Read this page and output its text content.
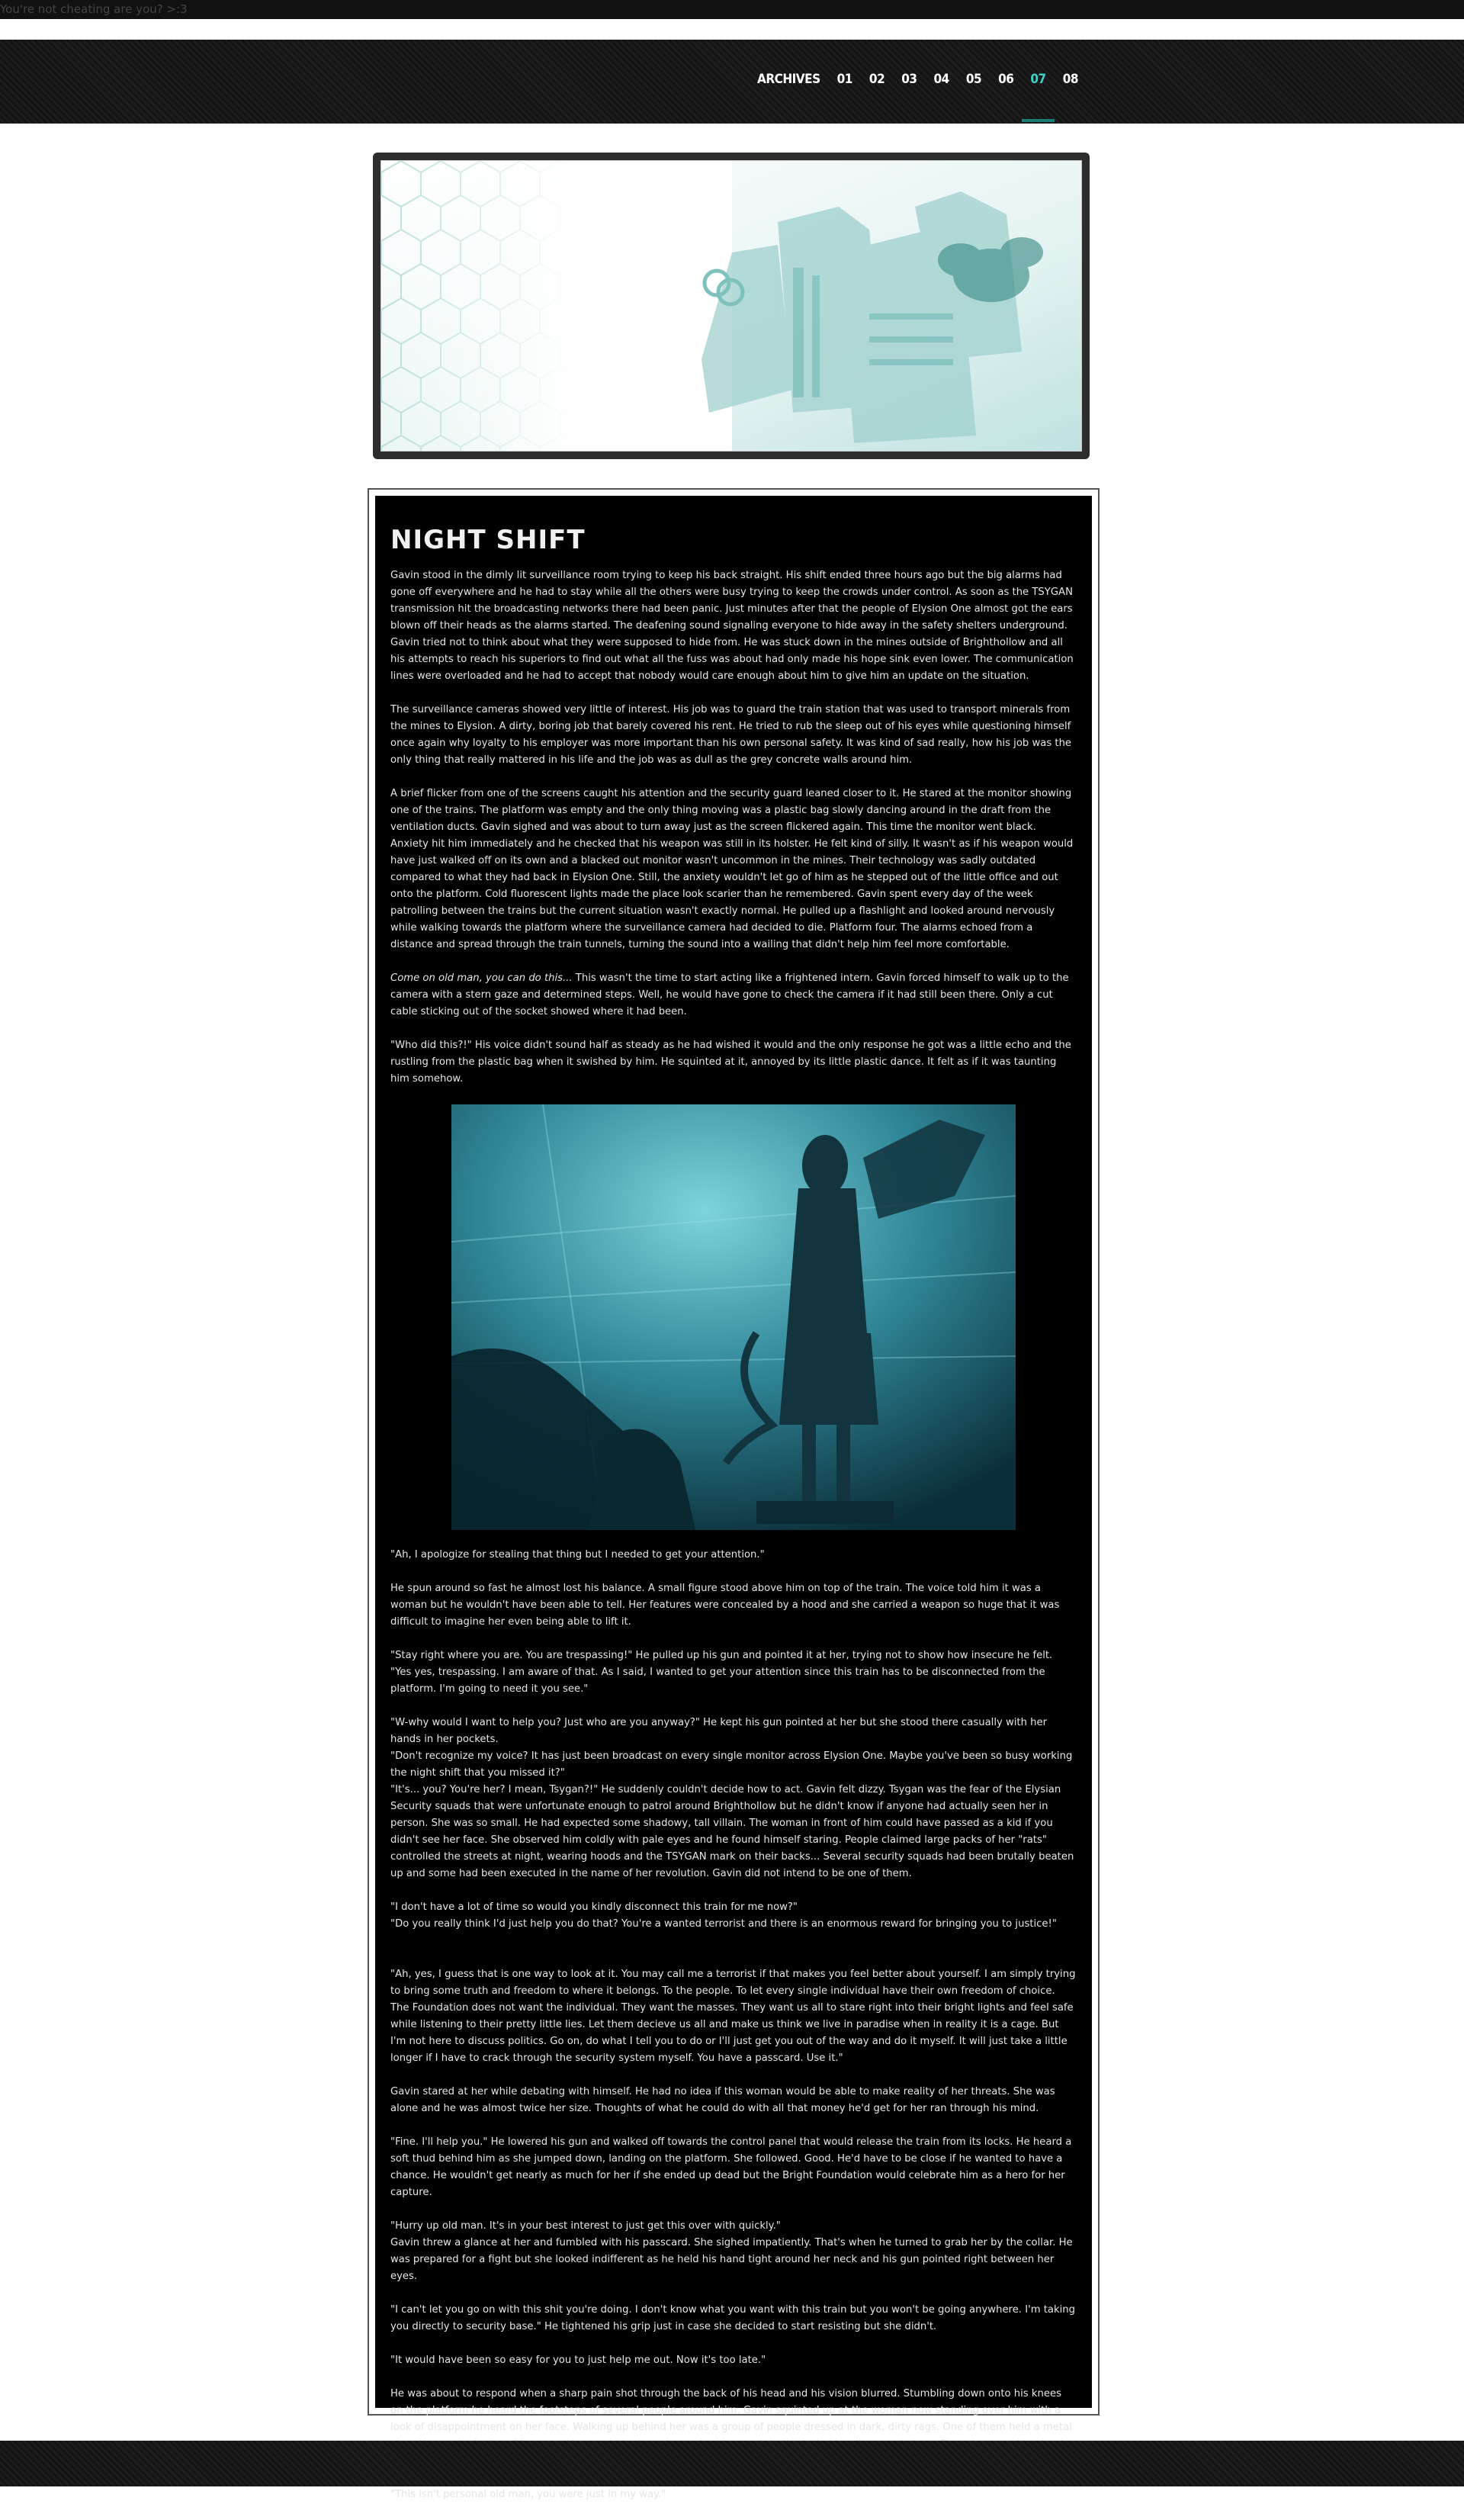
You're not cheating are you? >:3
ARCHIVES	01	02	03	04	05	06	07	08
NIGHT SHIFT

Gavin stood in the dimly lit surveillance room trying to keep his back straight. His shift ended three hours ago but the big alarms had gone off everywhere and he had to stay while all the others were busy trying to keep the crowds under control. As soon as the TSYGAN transmission hit the broadcasting networks there had been panic. Just minutes after that the people of Elysion One almost got the ears blown off their heads as the alarms started. The deafening sound signaling everyone to hide away in the safety shelters underground. Gavin tried not to think about what they were supposed to hide from. He was stuck down in the mines outside of Brighthollow and all his attempts to reach his superiors to find out what all the fuss was about had only made his hope sink even lower. The communication lines were overloaded and he had to accept that nobody would care enough about him to give him an update on the situation.

The surveillance cameras showed very little of interest. His job was to guard the train station that was used to transport minerals from the mines to Elysion. A dirty, boring job that barely covered his rent. He tried to rub the sleep out of his eyes while questioning himself once again why loyalty to his employer was more important than his own personal safety. It was kind of sad really, how his job was the only thing that really mattered in his life and the job was as dull as the grey concrete walls around him.

A brief flicker from one of the screens caught his attention and the security guard leaned closer to it. He stared at the monitor showing one of the trains. The platform was empty and the only thing moving was a plastic bag slowly dancing around in the draft from the ventilation ducts. Gavin sighed and was about to turn away just as the screen flickered again. This time the monitor went black. Anxiety hit him immediately and he checked that his weapon was still in its holster. He felt kind of silly. It wasn't as if his weapon would have just walked off on its own and a blacked out monitor wasn't uncommon in the mines. Their technology was sadly outdated compared to what they had back in Elysion One. Still, the anxiety wouldn't let go of him as he stepped out of the little office and out onto the platform. Cold fluorescent lights made the place look scarier than he remembered. Gavin spent every day of the week patrolling between the trains but the current situation wasn't exactly normal. He pulled up a flashlight and looked around nervously while walking towards the platform where the surveillance camera had decided to die. Platform four. The alarms echoed from a distance and spread through the train tunnels, turning the sound into a wailing that didn't help him feel more comfortable.

Come on old man, you can do this... This wasn't the time to start acting like a frightened intern. Gavin forced himself to walk up to the camera with a stern gaze and determined steps. Well, he would have gone to check the camera if it had still been there. Only a cut cable sticking out of the socket showed where it had been.

"Who did this?!" His voice didn't sound half as steady as he had wished it would and the only response he got was a little echo and the rustling from the plastic bag when it swished by him. He squinted at it, annoyed by its little plastic dance. It felt as if it was taunting him somehow.

"Ah, I apologize for stealing that thing but I needed to get your attention."

He spun around so fast he almost lost his balance. A small figure stood above him on top of the train. The voice told him it was a woman but he wouldn't have been able to tell. Her features were concealed by a hood and she carried a weapon so huge that it was difficult to imagine her even being able to lift it.

"Stay right where you are. You are trespassing!" He pulled up his gun and pointed it at her, trying not to show how insecure he felt.

"Yes yes, trespassing. I am aware of that. As I said, I wanted to get your attention since this train has to be disconnected from the platform. I'm going to need it you see."

"W-why would I want to help you? Just who are you anyway?" He kept his gun pointed at her but she stood there casually with her hands in her pockets.

"Don't recognize my voice? It has just been broadcast on every single monitor across Elysion One. Maybe you've been so busy working the night shift that you missed it?"

"It's... you? You're her? I mean, Tsygan?!" He suddenly couldn't decide how to act. Gavin felt dizzy. Tsygan was the fear of the Elysian Security squads that were unfortunate enough to patrol around Brighthollow but he didn't know if anyone had actually seen her in person. She was so small. He had expected some shadowy, tall villain. The woman in front of him could have passed as a kid if you didn't see her face. She observed him coldly with pale eyes and he found himself staring. People claimed large packs of her "rats" controlled the streets at night, wearing hoods and the TSYGAN mark on their backs... Several security squads had been brutally beaten up and some had been executed in the name of her revolution. Gavin did not intend to be one of them.

"I don't have a lot of time so would you kindly disconnect this train for me now?"

"Do you really think I'd just help you do that? You're a wanted terrorist and there is an enormous reward for bringing you to justice!"

"Ah, yes, I guess that is one way to look at it. You may call me a terrorist if that makes you feel better about yourself. I am simply trying to bring some truth and freedom to where it belongs. To the people. To let every single individual have their own freedom of choice. The Foundation does not want the individual. They want the masses. They want us all to stare right into their bright lights and feel safe while listening to their pretty little lies. Let them decieve us all and make us think we live in paradise when in reality it is a cage. But I'm not here to discuss politics. Go on, do what I tell you to do or I'll just get you out of the way and do it myself. It will just take a little longer if I have to crack through the security system myself. You have a passcard. Use it."

Gavin stared at her while debating with himself. He had no idea if this woman would be able to make reality of her threats. She was alone and he was almost twice her size. Thoughts of what he could do with all that money he'd get for her ran through his mind.

"Fine. I'll help you." He lowered his gun and walked off towards the control panel that would release the train from its locks. He heard a soft thud behind him as she jumped down, landing on the platform. She followed. Good. He'd have to be close if he wanted to have a chance. He wouldn't get nearly as much for her if she ended up dead but the Bright Foundation would celebrate him as a hero for her capture.

"Hurry up old man. It's in your best interest to just get this over with quickly."

Gavin threw a glance at her and fumbled with his passcard. She sighed impatiently. That's when he turned to grab her by the collar. He was prepared for a fight but she looked indifferent as he held his hand tight around her neck and his gun pointed right between her eyes.

"I can't let you go on with this shit you're doing. I don't know what you want with this train but you won't be going anywhere. I'm taking you directly to security base." He tightened his grip just in case she decided to start resisting but she didn't.

"It would have been so easy for you to just help me out. Now it's too late."

He was about to respond when a sharp pain shot through the back of his head and his vision blurred. Stumbling down onto his knees on the platform he heard the footsteps of several people around him. Gavin squinted up at the woman now standing over him with a look of disappointment on her face. Walking up behind her was a group of people dressed in dark, dirty rags. One of them held a metal

"This isn't personal old man, you were just in my way."
